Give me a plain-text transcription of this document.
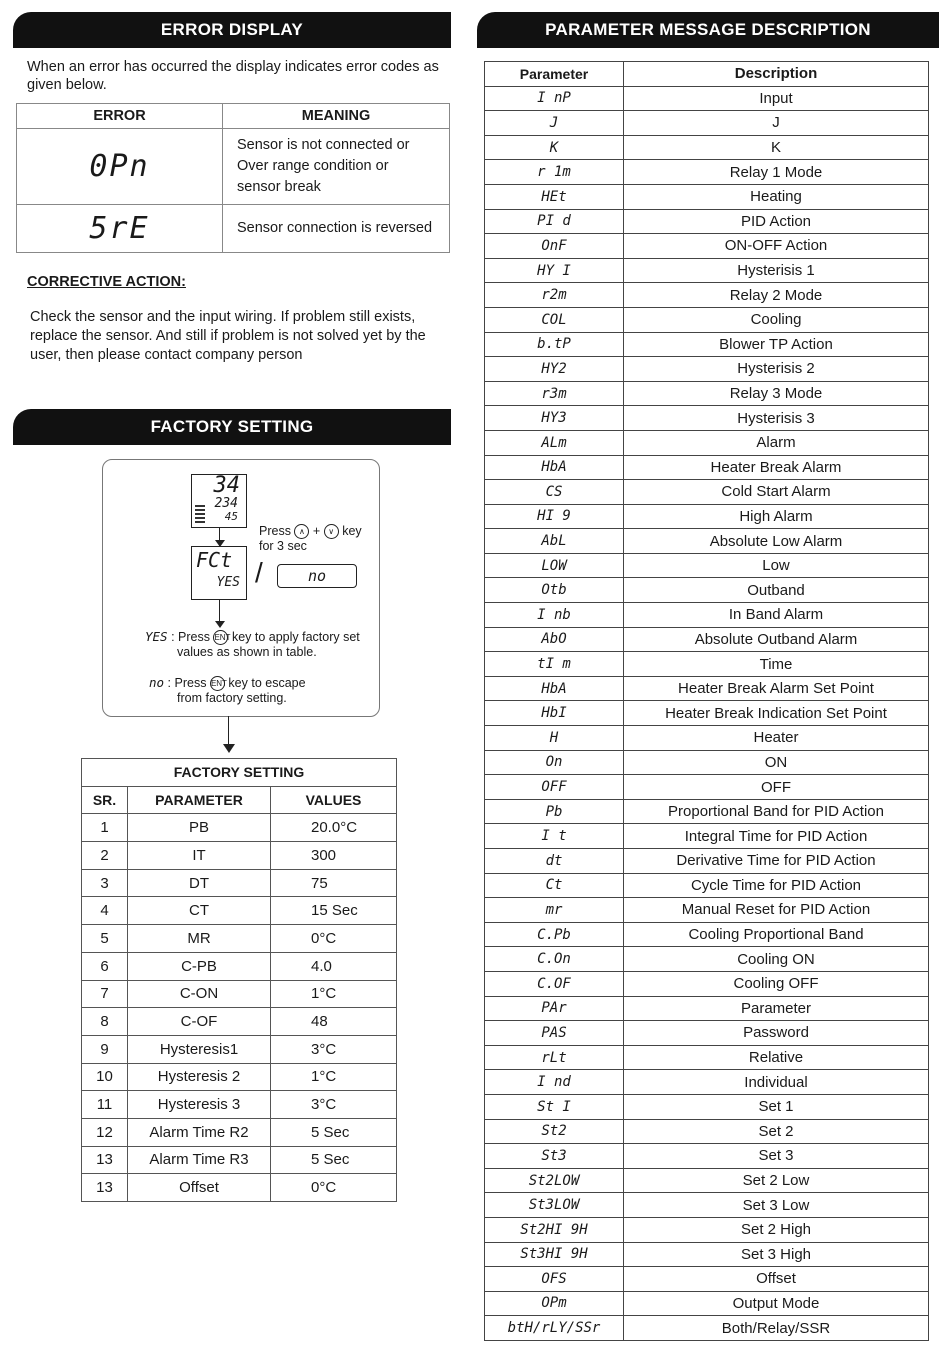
ERROR DISPLAY
When an error has occurred the display indicates error codes as given below.
ERROR	MEANING
0Pn	Sensor is not connected or
Over range condition or
sensor break

5rE	Sensor connection is reversed
CORRECTIVE ACTION:
Check the sensor and the input wiring. If problem still exists, replace the sensor. And still if problem is not solved yet by the user, then please contact company person
FACTORY SETTING
34
234
45
Press ∧ + ∨ key
for 3 sec
FCt
YES /	no
YES : Press ENT key to apply factory set
values as shown in table.
no : Press ENT key to escape
from factory setting.
FACTORY SETTING		
SR.	PARAMETER	VALUES
1	PB	20.0°C
2	IT	300
3	DT	75
4	CT	15 Sec
5	MR	0°C
6	C-PB	4.0
7	C-ON	1°C
8	C-OF	48
9	Hysteresis1	3°C
10	Hysteresis 2	1°C
11	Hysteresis 3	3°C
12	Alarm Time R2	5 Sec
13	Alarm Time R3	5 Sec
13	Offset	0°C
PARAMETER MESSAGE DESCRIPTION
Parameter	Description
I nP	Input
J	J
K	K
r 1m	Relay 1 Mode
HEt	Heating
PI d	PID Action
OnF	ON-OFF Action
HY I	Hysterisis 1
r2m	Relay 2 Mode
COL	Cooling
b.tP	Blower TP Action
HY2	Hysterisis 2
r3m	Relay 3 Mode
HY3	Hysterisis 3
ALm	Alarm
HbA	Heater Break Alarm
CS	Cold Start Alarm
HI 9	High Alarm
AbL	Absolute Low Alarm
LOW	Low
Otb	Outband
I nb	In Band Alarm
AbO	Absolute Outband Alarm
tI m	Time
HbA	Heater Break Alarm Set Point
HbI	Heater Break Indication Set Point
H	Heater
On	ON
OFF	OFF
Pb	Proportional Band for PID Action
I t	Integral Time for PID Action
dt	Derivative Time for PID Action
Ct	Cycle Time for PID Action
mr	Manual Reset for PID Action
C.Pb	Cooling Proportional Band
C.On	Cooling ON
C.OF	Cooling OFF
PAr	Parameter
PAS	Password
rLt	Relative
I nd	Individual
St I	Set 1
St2	Set 2
St3	Set 3
St2LOW	Set 2 Low
St3LOW	Set 3 Low
St2HI 9H	Set 2 High
St3HI 9H	Set 3 High
OFS	Offset
OPm	Output Mode
btH/rLY/SSr	Both/Relay/SSR
